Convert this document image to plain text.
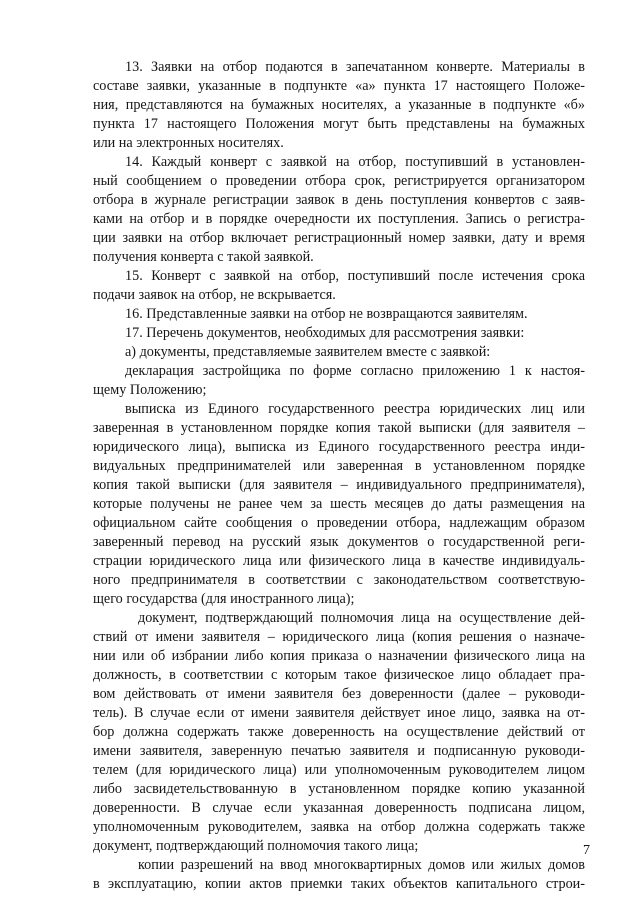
13. Заявки на отбор подаются в запечатанном конверте. Материалы в
составе заявки, указанные в подпункте «а» пункта 17 настоящего Положе-
ния, представляются на бумажных носителях, а указанные в подпункте «б»
пункта 17 настоящего Положения могут быть представлены на бумажных
или на электронных носителях.
14. Каждый конверт с заявкой на отбор, поступивший в установлен-
ный сообщением о проведении отбора срок, регистрируется организатором
отбора в журнале регистрации заявок в день поступления конвертов с заяв-
ками на отбор и в порядке очередности их поступления. Запись о регистра-
ции заявки на отбор включает регистрационный номер заявки, дату и время
получения конверта с такой заявкой.
15. Конверт с заявкой на отбор, поступивший после истечения срока
подачи заявок на отбор, не вскрывается.
16. Представленные заявки на отбор не возвращаются заявителям.
17. Перечень документов, необходимых для рассмотрения заявки:
а) документы, представляемые заявителем вместе с заявкой:
декларация застройщика по форме согласно приложению 1 к настоя-
щему Положению;
выписка из Единого государственного реестра юридических лиц или
заверенная в установленном порядке копия такой выписки (для заявителя –
юридического лица), выписка из Единого государственного реестра инди-
видуальных предпринимателей или заверенная в установленном порядке
копия такой выписки (для заявителя – индивидуального предпринимателя),
которые получены не ранее чем за шесть месяцев до даты размещения на
официальном сайте сообщения о проведении отбора, надлежащим образом
заверенный перевод на русский язык документов о государственной реги-
страции юридического лица или физического лица в качестве индивидуаль-
ного предпринимателя в соответствии с законодательством соответствую-
щего государства (для иностранного лица);
документ, подтверждающий полномочия лица на осуществление дей-
ствий от имени заявителя – юридического лица (копия решения о назначе-
нии или об избрании либо копия приказа о назначении физического лица на
должность, в соответствии с которым такое физическое лицо обладает пра-
вом действовать от имени заявителя без доверенности (далее – руководи-
тель). В случае если от имени заявителя действует иное лицо, заявка на от-
бор должна содержать также доверенность на осуществление действий от
имени заявителя, заверенную печатью заявителя и подписанную руководи-
телем (для юридического лица) или уполномоченным руководителем лицом
либо засвидетельствованную в установленном порядке копию указанной
доверенности. В случае если указанная доверенность подписана лицом,
уполномоченным руководителем, заявка на отбор должна содержать также
документ, подтверждающий полномочия такого лица;
копии разрешений на ввод многоквартирных домов или жилых домов
в эксплуатацию, копии актов приемки таких объектов капитального строи-
7
